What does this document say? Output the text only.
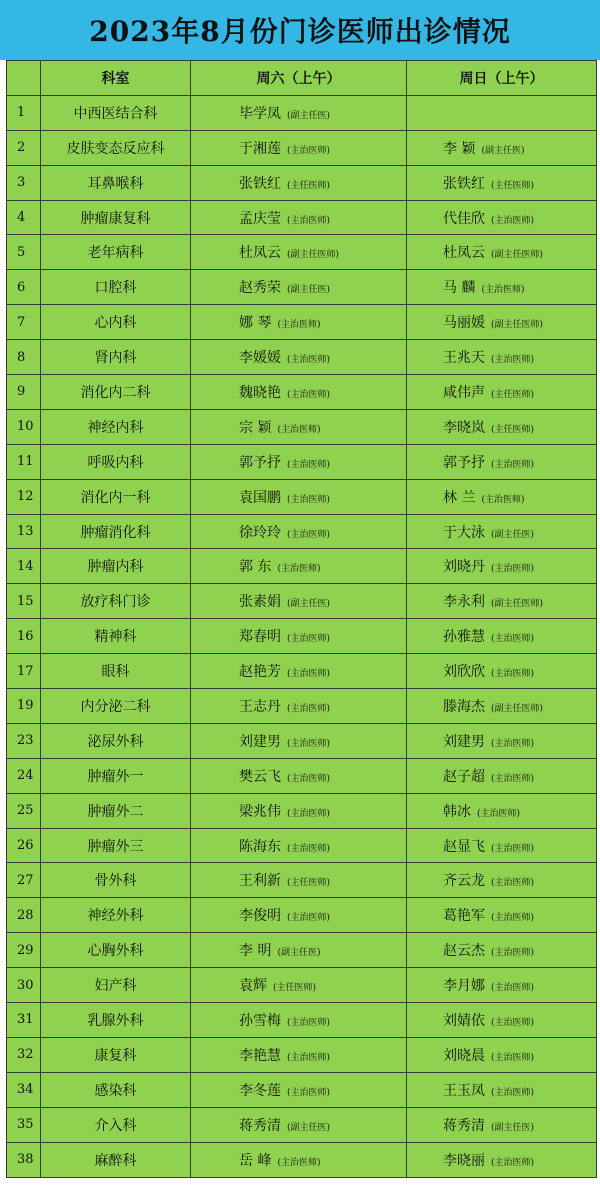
2023年8月份门诊医师出诊情况
	科室	周六（上午）	周日（上午）
1	中西医结合科	毕学凤 (副主任医)	
2	皮肤变态反应科	于湘莲 (主治医师)	李 颖 (副主任医)
3	耳鼻喉科	张铁红 (主任医师)	张铁红 (主任医师)
4	肿瘤康复科	孟庆莹 (主治医师)	代佳欣 (主治医师)
5	老年病科	杜凤云 (副主任医师)	杜凤云 (副主任医师)
6	口腔科	赵秀荣 (副主任医)	马 麟 (主治医师)
7	心内科	娜 琴 (主治医师)	马丽媛 (副主任医师)
8	肾内科	李媛媛 (主治医师)	王兆天 (主治医师)
9	消化内二科	魏晓艳 (主治医师)	咸伟声 (主任医师)
10	神经内科	宗 颖 (主治医师)	李晓岚 (主任医师)
11	呼吸内科	郭予抒 (主治医师)	郭予抒 (主治医师)
12	消化内一科	袁国鹏 (主治医师)	林 兰 (主治医师)
13	肿瘤消化科	徐玲玲 (主治医师)	于大泳 (副主任医)
14	肿瘤内科	郭 东 (主治医师)	刘晓丹 (主治医师)
15	放疗科门诊	张素娟 (副主任医)	李永利 (副主任医师)
16	精神科	郑春明 (主治医师)	孙雅慧 (主治医师)
17	眼科	赵艳芳 (主治医师)	刘欣欣 (主治医师)
19	内分泌二科	王志丹 (主治医师)	滕海杰 (副主任医师)
23	泌尿外科	刘建男 (主治医师)	刘建男 (主治医师)
24	肿瘤外一	樊云飞 (主治医师)	赵子超 (主治医师)
25	肿瘤外二	梁兆伟 (主治医师)	韩冰 (主治医师)
26	肿瘤外三	陈海东 (主治医师)	赵显飞 (主治医师)
27	骨外科	王利新 (主任医师)	齐云龙 (主治医师)
28	神经外科	李俊明 (主治医师)	葛艳军 (主治医师)
29	心胸外科	李 明 (副主任医)	赵云杰 (主治医师)
30	妇产科	袁辉 (主任医师)	李月娜 (主治医师)
31	乳腺外科	孙雪梅 (主治医师)	刘婧依 (主治医师)
32	康复科	李艳慧 (主治医师)	刘晓晨 (主治医师)
34	感染科	李冬莲 (主治医师)	王玉凤 (主治医师)
35	介入科	蒋秀清 (副主任医)	蒋秀清 (副主任医)
38	麻醉科	岳 峰 (主治医师)	李晓丽 (主治医师)
